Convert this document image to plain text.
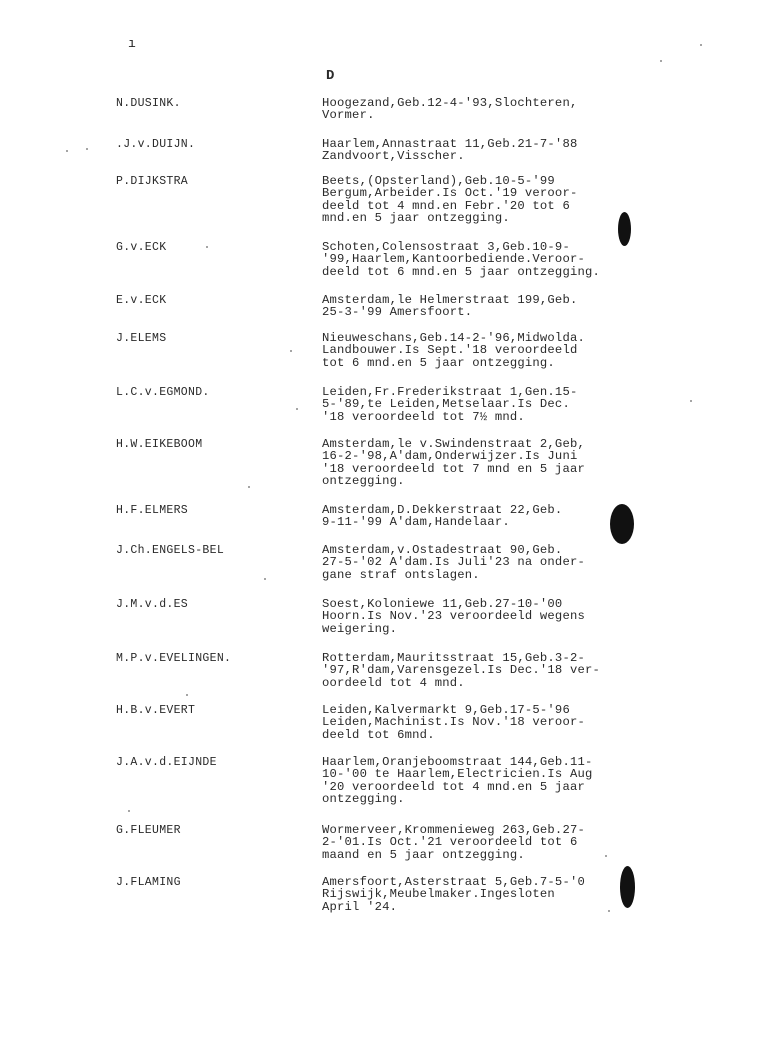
ı
D
N.DUSINK.	Hoogezand,Geb.12-4-'93,Slochteren,
Vormer.
.J.v.DUIJN.	Haarlem,Annastraat 11,Geb.21-7-'88
Zandvoort,Visscher.
P.DIJKSTRA	Beets,(Opsterland),Geb.10-5-'99
Bergum,Arbeider.Is Oct.'19 veroor-
deeld tot 4 mnd.en Febr.'20 tot 6
mnd.en 5 jaar ontzegging.
G.v.ECK	Schoten,Colensostraat 3,Geb.10-9-
'99,Haarlem,Kantoorbediende.Veroor-
deeld tot 6 mnd.en 5 jaar ontzegging.
E.v.ECK	Amsterdam,le Helmerstraat 199,Geb.
25-3-'99 Amersfoort.
J.ELEMS	Nieuweschans,Geb.14-2-'96,Midwolda.
Landbouwer.Is Sept.'18 veroordeeld
tot 6 mnd.en 5 jaar ontzegging.
L.C.v.EGMOND.	Leiden,Fr.Frederikstraat 1,Gen.15-
5-'89,te Leiden,Metselaar.Is Dec.
'18 veroordeeld tot 7½ mnd.
H.W.EIKEBOOM	Amsterdam,le v.Swindenstraat 2,Geb,
16-2-'98,A'dam,Onderwijzer.Is Juni
'18 veroordeeld tot 7 mnd en 5 jaar
ontzegging.
H.F.ELMERS	Amsterdam,D.Dekkerstraat 22,Geb.
9-11-'99 A'dam,Handelaar.
J.Ch.ENGELS-BEL	Amsterdam,v.Ostadestraat 90,Geb.
27-5-'02 A'dam.Is Juli'23 na onder-
gane straf ontslagen.
J.M.v.d.ES	Soest,Koloniewe 11,Geb.27-10-'00
Hoorn.Is Nov.'23 veroordeeld wegens
weigering.
M.P.v.EVELINGEN.	Rotterdam,Mauritsstraat 15,Geb.3-2-
'97,R'dam,Varensgezel.Is Dec.'18 ver-
oordeeld tot 4 mnd.
H.B.v.EVERT	Leiden,Kalvermarkt 9,Geb.17-5-'96
Leiden,Machinist.Is Nov.'18 veroor-
deeld tot 6mnd.
J.A.v.d.EIJNDE	Haarlem,Oranjeboomstraat 144,Geb.11-
10-'00 te Haarlem,Electricien.Is Aug
'20 veroordeeld tot 4 mnd.en 5 jaar
ontzegging.
G.FLEUMER	Wormerveer,Krommenieweg 263,Geb.27-
2-'01.Is Oct.'21 veroordeeld tot 6
maand en 5 jaar ontzegging.
J.FLAMING	Amersfoort,Asterstraat 5,Geb.7-5-'0
Rijswijk,Meubelmaker.Ingesloten
April '24.
